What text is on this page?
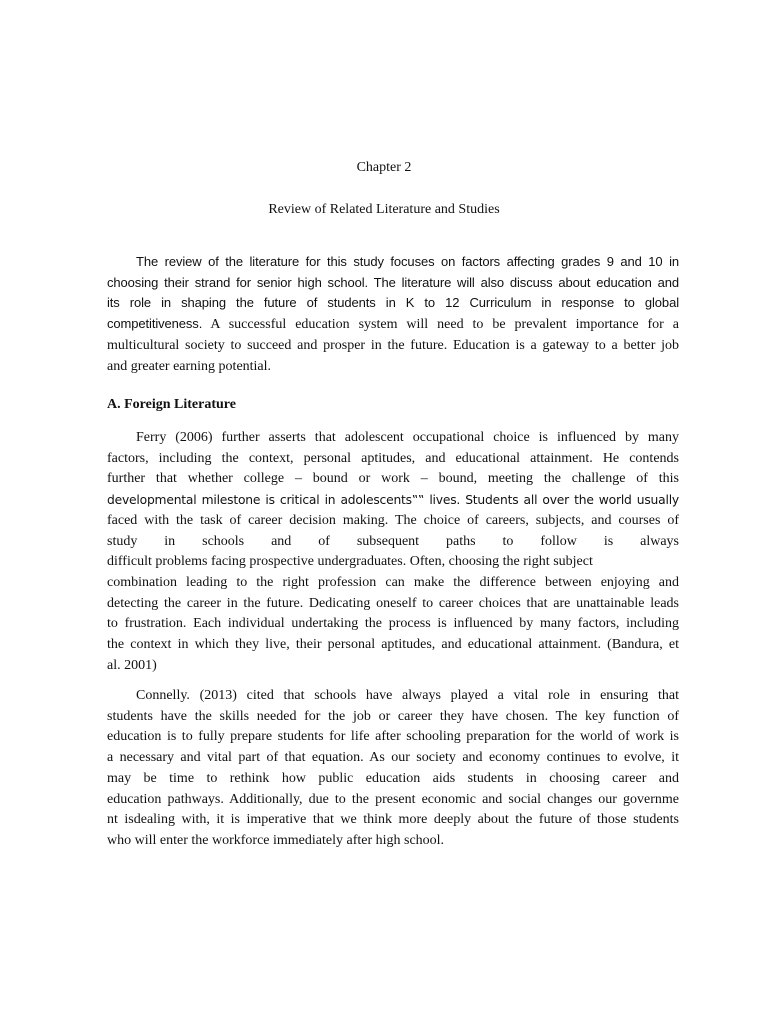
Chapter 2
Review of Related Literature and Studies
The review of the literature for this study focuses on factors affecting grades 9 and 10 in
choosing their strand for senior high school. The literature will also discuss about education and
its role in shaping the future of students in K to 12 Curriculum in response to global
competitiveness. A successful education system will need to be prevalent importance for a
multicultural society to succeed and prosper in the future. Education is a gateway to a better job
and greater earning potential.
A. Foreign Literature
Ferry (2006) further asserts that adolescent occupational choice is influenced by many
factors, including the context, personal aptitudes, and educational attainment. He contends
further that whether college – bound or work – bound, meeting the challenge of this
developmental milestone is critical in adolescents‟‟ lives. Students all over the world usually
faced with the task of career decision making. The choice of careers, subjects, and courses of
study in schools and of subsequent paths to follow is always
difficult problems facing prospective undergraduates. Often, choosing the right subject
combination leading to the right profession can make the difference between enjoying and
detecting the career in the future. Dedicating oneself to career choices that are unattainable leads
to frustration. Each individual undertaking the process is influenced by many factors, including
the context in which they live, their personal aptitudes, and educational attainment. (Bandura, et
al. 2001)
Connelly. (2013) cited that schools have always played a vital role in ensuring that
students have the skills needed for the job or career they have chosen. The key function of
education is to fully prepare students for life after schooling preparation for the world of work is
a necessary and vital part of that equation. As our society and economy continues to evolve, it
may be time to rethink how public education aids students in choosing career and
education pathways. Additionally, due to the present economic and social changes our governme
nt isdealing with, it is imperative that we think more deeply about the future of those students
who will enter the workforce immediately after high school.
